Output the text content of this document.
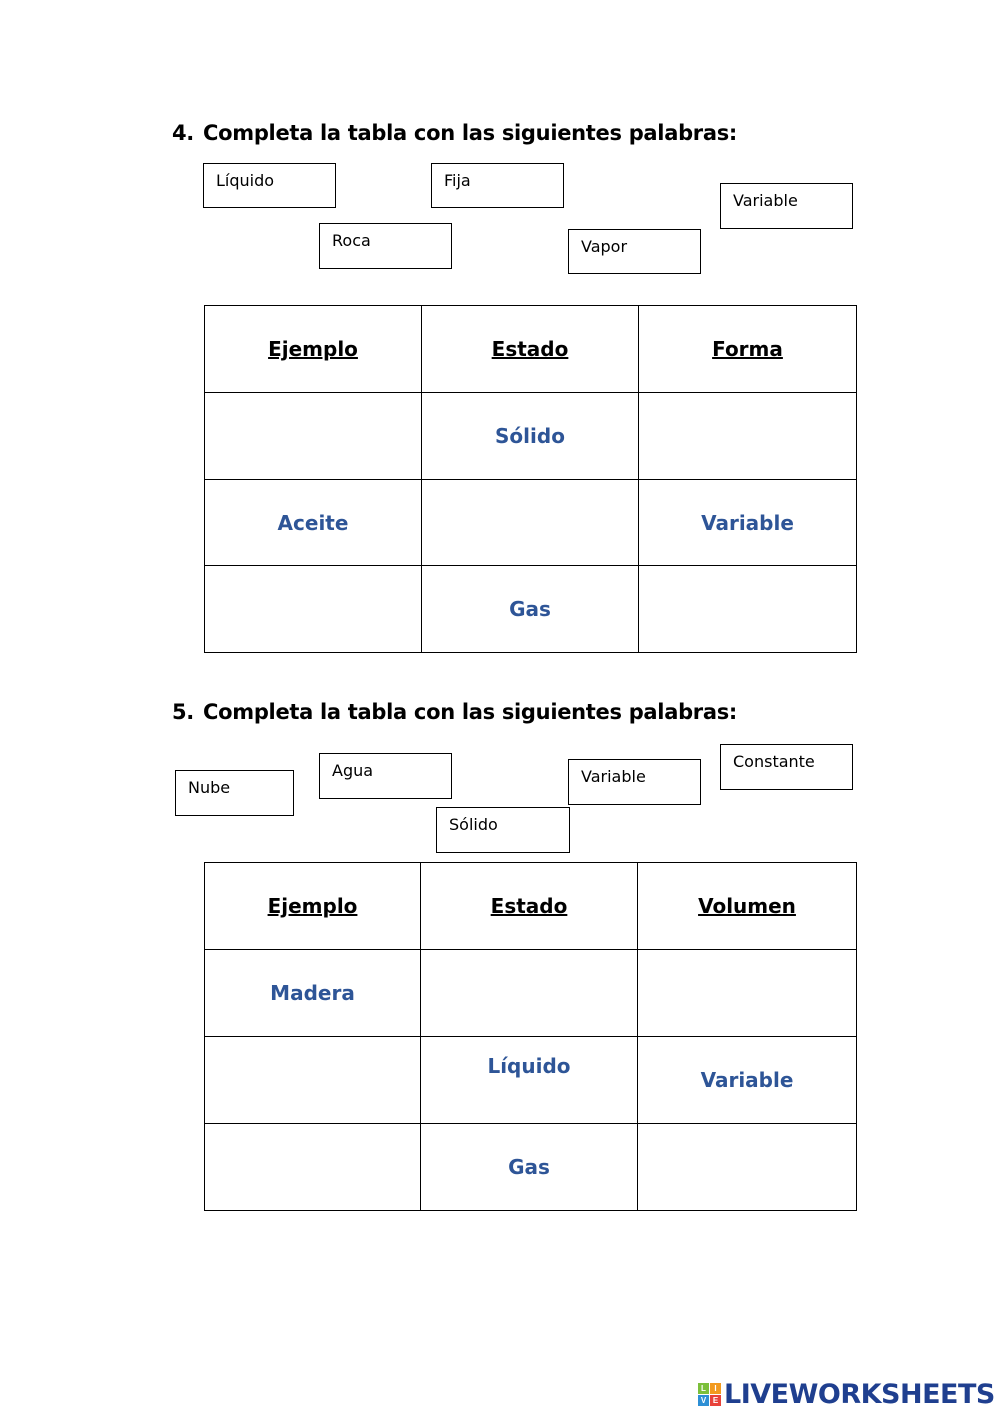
4. Completa la tabla con las siguientes palabras:
Líquido	Fija
Variable
Roca	Vapor
Ejemplo	Estado	Forma
	Sólido	
Aceite		Variable
	Gas	
5. Completa la tabla con las siguientes palabras:
Nube
Agua
Sólido
Variable
Constante
Ejemplo	Estado	Volumen
Madera		

	Líquido	Variable
	Gas	
L	I
V E LIVEWORKSHEETS
